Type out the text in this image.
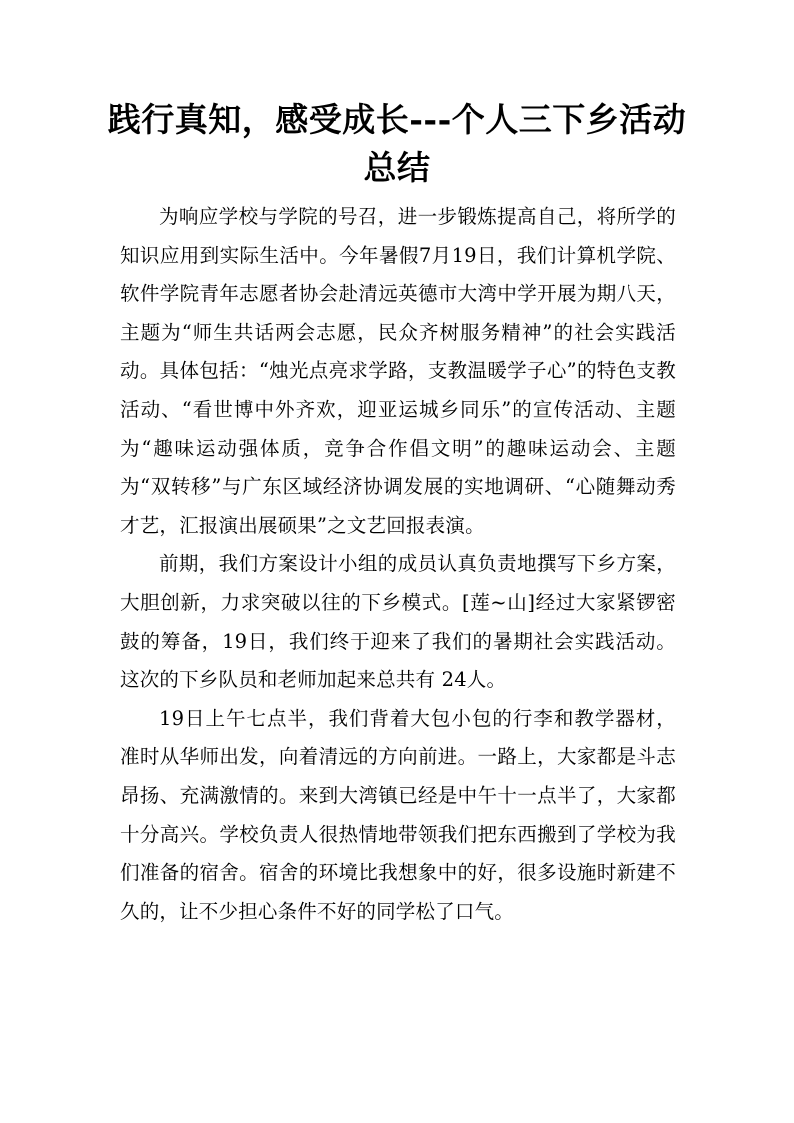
践行真知，感受成长---个人三下乡活动
总结

为响应学校与学院的号召，进一步锻炼提高自己，将所学的知识应用到实际生活中。今年暑假7月19日，我们计算机学院、软件学院青年志愿者协会赴清远英德市大湾中学开展为期八天，主题为“师生共话两会志愿，民众齐树服务精神”的社会实践活动。具体包括：“烛光点亮求学路，支教温暖学子心”的特色支教活动、“看世博中外齐欢，迎亚运城乡同乐”的宣传活动、主题为“趣味运动强体质，竞争合作倡文明”的趣味运动会、主题为“双转移”与广东区域经济协调发展的实地调研、“心随舞动秀才艺，汇报演出展硕果”之文艺回报表演。

前期，我们方案设计小组的成员认真负责地撰写下乡方案，大胆创新，力求突破以往的下乡模式。[莲~山]经过大家紧锣密鼓的筹备，19日，我们终于迎来了我们的暑期社会实践活动。这次的下乡队员和老师加起来总共有 24人。

19日上午七点半，我们背着大包小包的行李和教学器材，准时从华师出发，向着清远的方向前进。一路上，大家都是斗志昂扬、充满激情的。来到大湾镇已经是中午十一点半了，大家都十分高兴。学校负责人很热情地带领我们把东西搬到了学校为我们准备的宿舍。宿舍的环境比我想象中的好，很多设施时新建不久的，让不少担心条件不好的同学松了口气。
